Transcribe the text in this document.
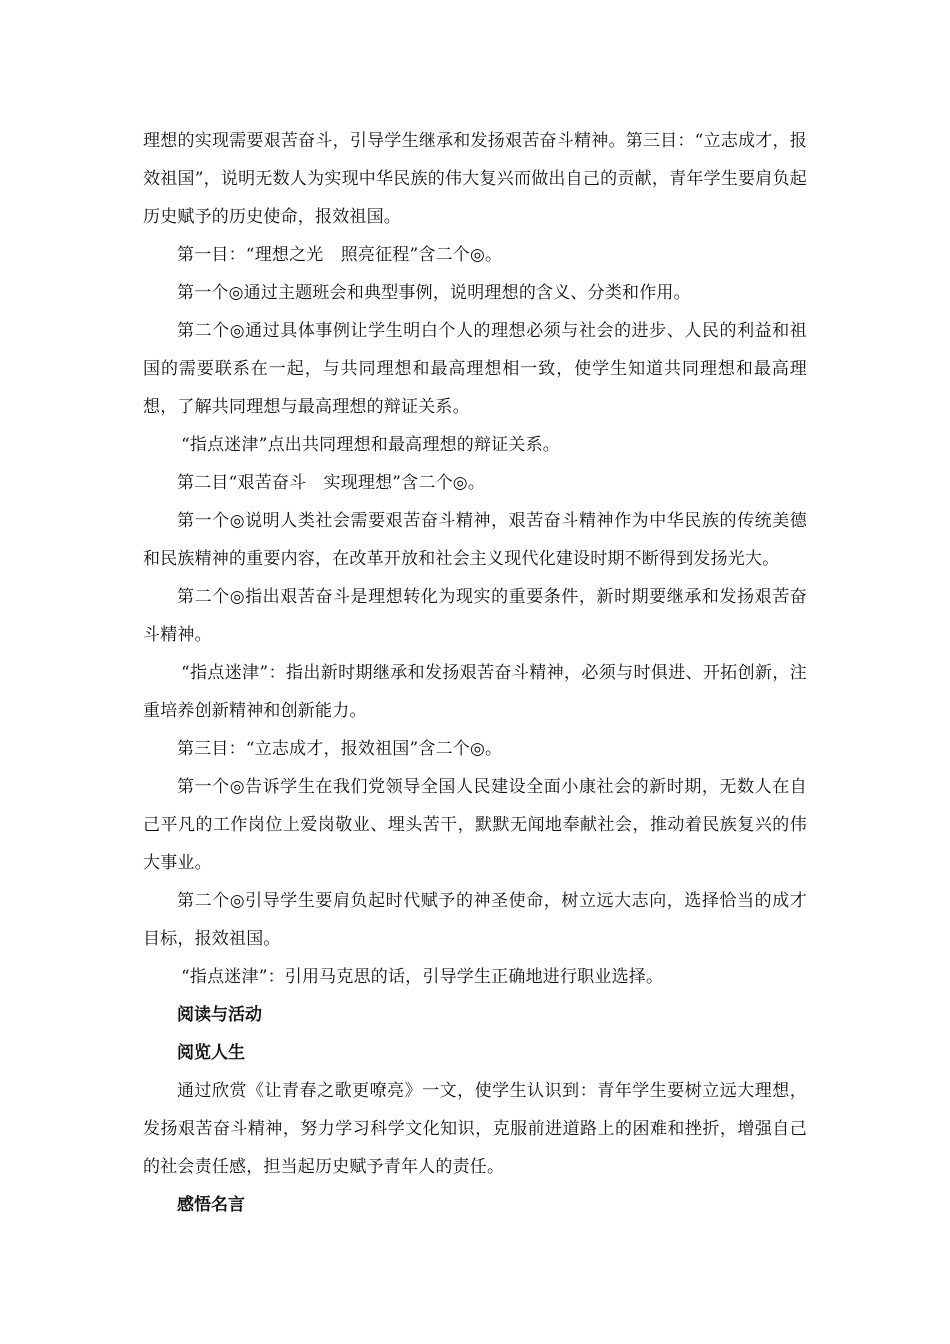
理想的实现需要艰苦奋斗，引导学生继承和发扬艰苦奋斗精神。第三目：“立志成才，报效祖国”，说明无数人为实现中华民族的伟大复兴而做出自己的贡献，青年学生要肩负起历史赋予的历史使命，报效祖国。

第一目：“理想之光　照亮征程”含二个◎。

第一个◎通过主题班会和典型事例，说明理想的含义、分类和作用。

第二个◎通过具体事例让学生明白个人的理想必须与社会的进步、人民的利益和祖国的需要联系在一起，与共同理想和最高理想相一致，使学生知道共同理想和最高理想，了解共同理想与最高理想的辩证关系。

“指点迷津”点出共同理想和最高理想的辩证关系。

第二目“艰苦奋斗　实现理想”含二个◎。

第一个◎说明人类社会需要艰苦奋斗精神，艰苦奋斗精神作为中华民族的传统美德和民族精神的重要内容，在改革开放和社会主义现代化建设时期不断得到发扬光大。

第二个◎指出艰苦奋斗是理想转化为现实的重要条件，新时期要继承和发扬艰苦奋斗精神。

“指点迷津”：指出新时期继承和发扬艰苦奋斗精神，必须与时俱进、开拓创新，注重培养创新精神和创新能力。

第三目：“立志成才，报效祖国”含二个◎。

第一个◎告诉学生在我们党领导全国人民建设全面小康社会的新时期，无数人在自己平凡的工作岗位上爱岗敬业、埋头苦干，默默无闻地奉献社会，推动着民族复兴的伟大事业。

第二个◎引导学生要肩负起时代赋予的神圣使命，树立远大志向，选择恰当的成才目标，报效祖国。

“指点迷津”：引用马克思的话，引导学生正确地进行职业选择。

阅读与活动
阅览人生

通过欣赏《让青春之歌更嘹亮》一文，使学生认识到：青年学生要树立远大理想，发扬艰苦奋斗精神，努力学习科学文化知识，克服前进道路上的困难和挫折，增强自己的社会责任感，担当起历史赋予青年人的责任。

感悟名言
